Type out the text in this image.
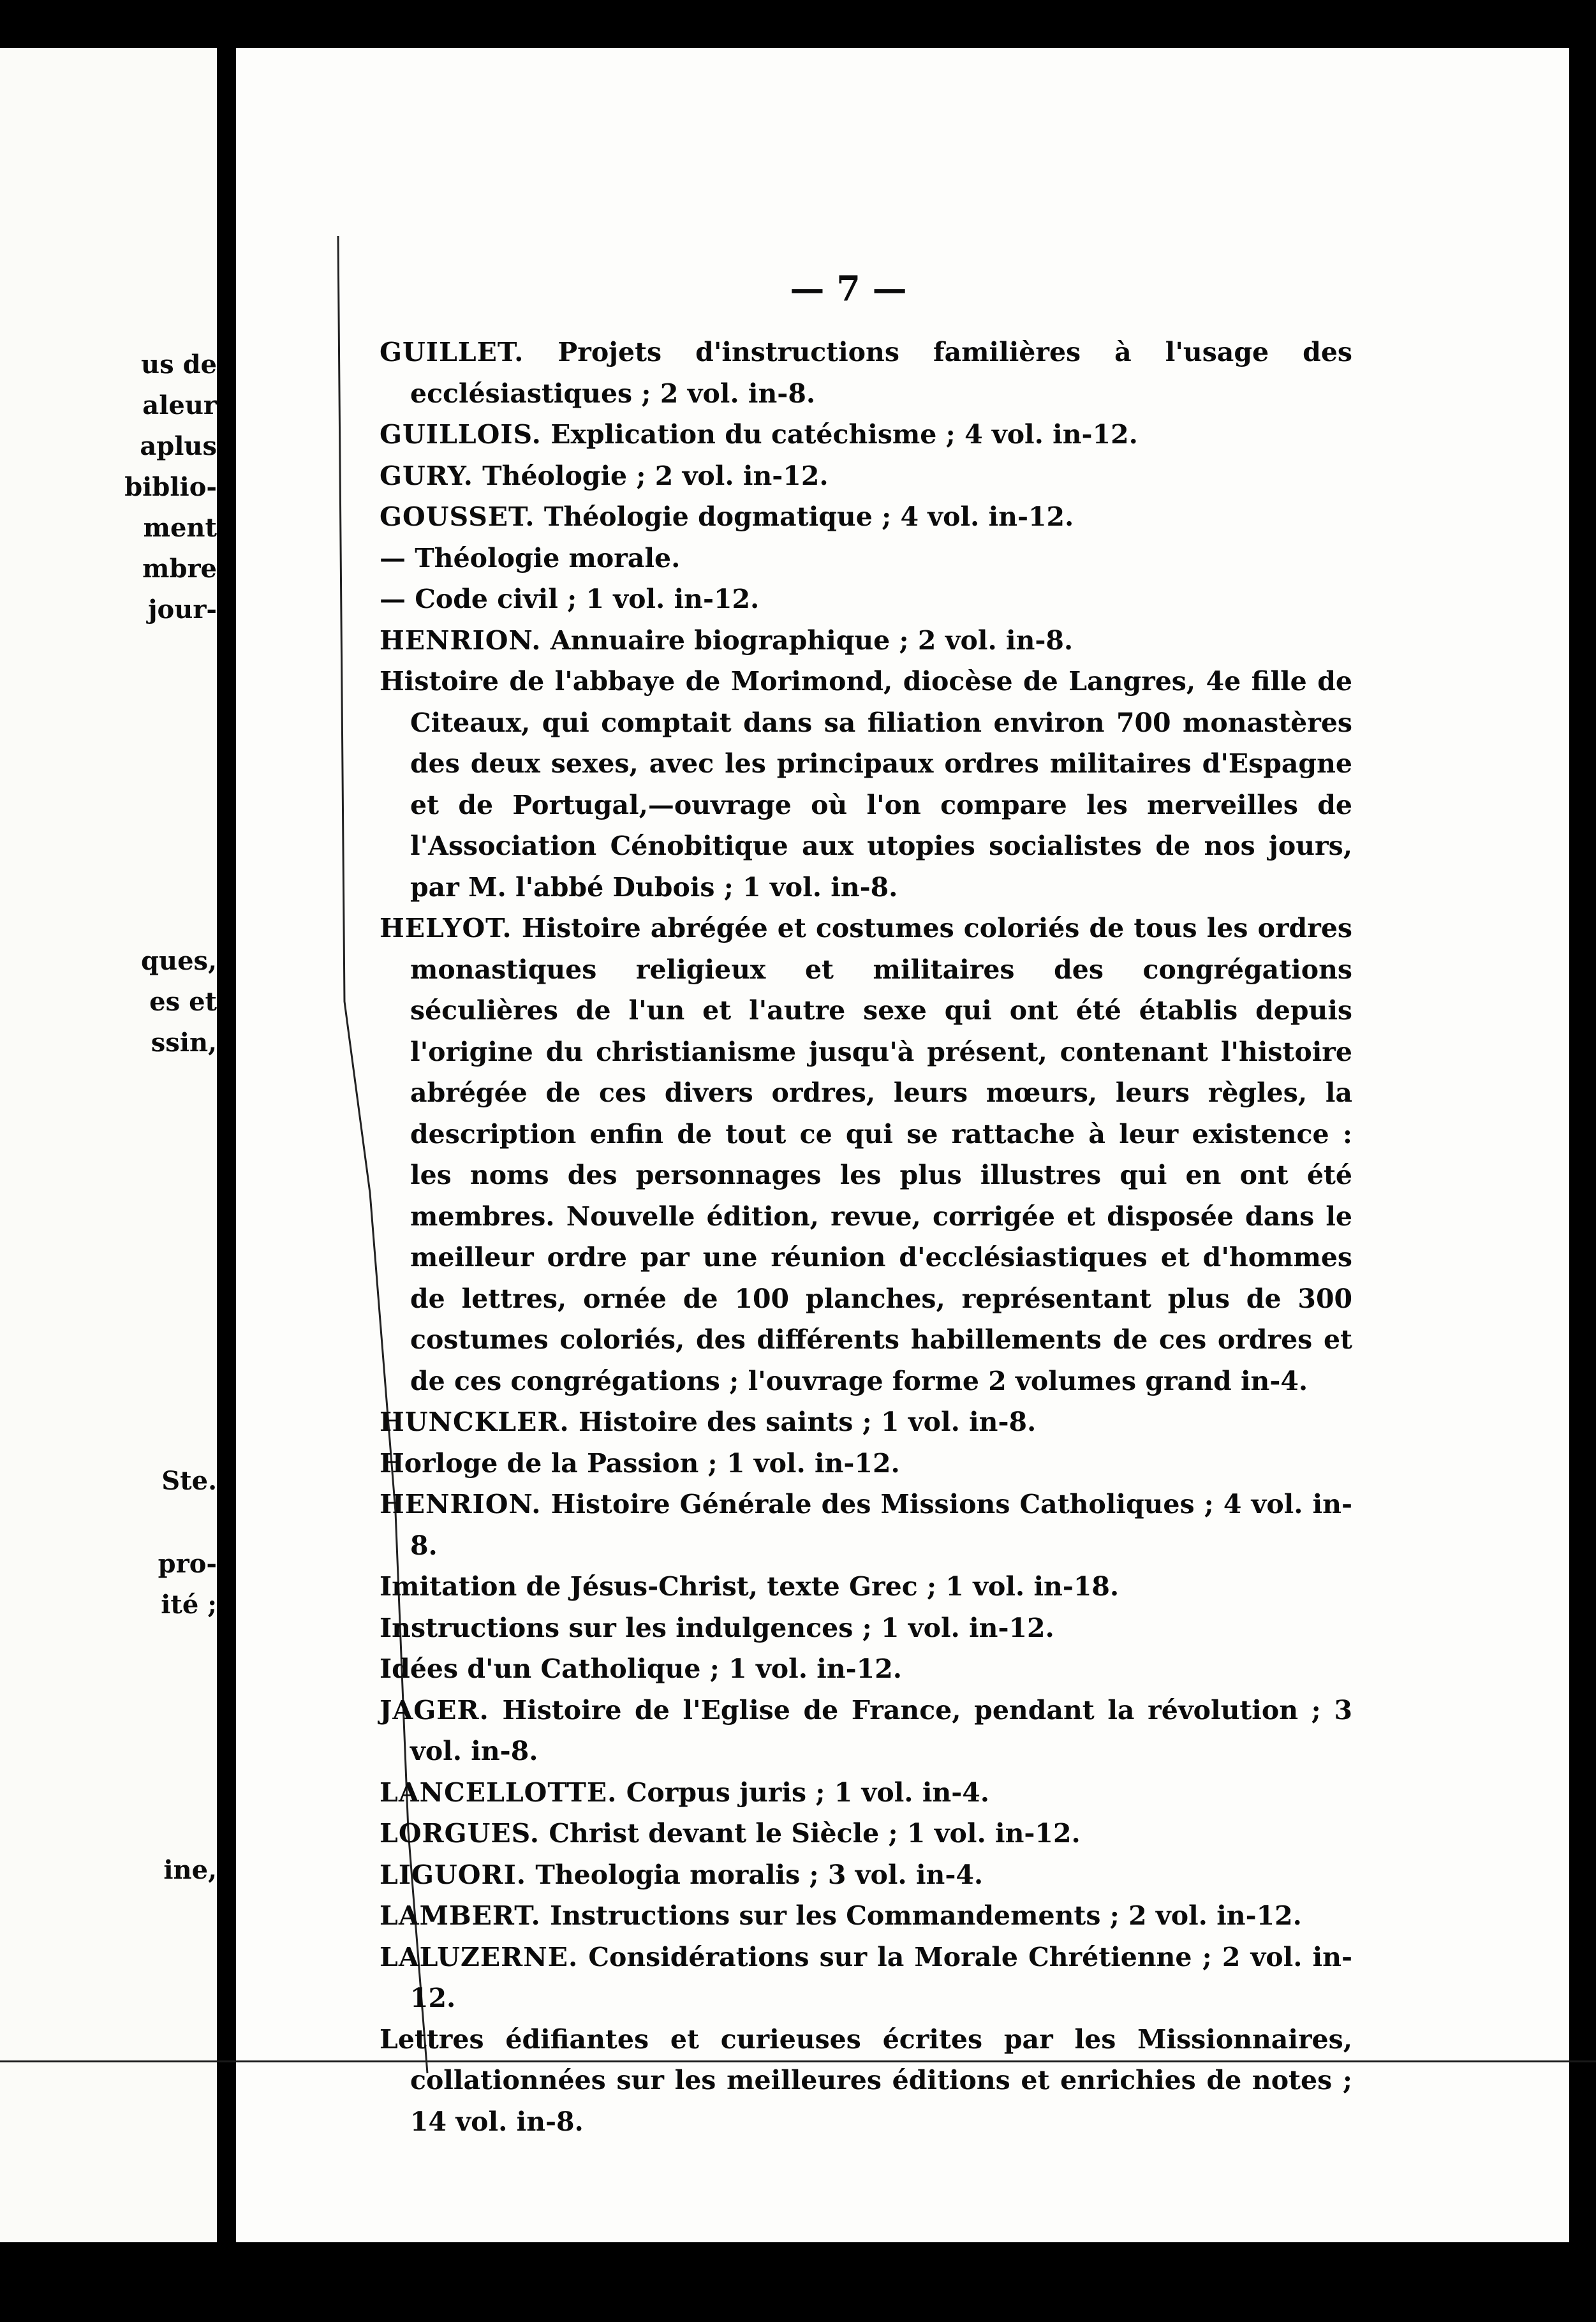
us de
aleur
aplus
biblio-
ment
mbre
jour-
ques,
es et
ssin,
Ste.
pro-
ité ;
ine,
— 7 —
GUILLET. Projets d'instructions familières à l'usage des ecclésiastiques ; 2 vol. in-8.
GUILLOIS. Explication du catéchisme ; 4 vol. in-12.
GURY. Théologie ; 2 vol. in-12.
GOUSSET. Théologie dogmatique ; 4 vol. in-12.
— Théologie morale.
— Code civil ; 1 vol. in-12.
HENRION. Annuaire biographique ; 2 vol. in-8.
Histoire de l'abbaye de Morimond, diocèse de Langres, 4e fille de Citeaux, qui comptait dans sa filiation environ 700 monastères des deux sexes, avec les principaux ordres militaires d'Espagne et de Portugal,—ouvrage où l'on compare les merveilles de l'Association Cénobitique aux utopies socialistes de nos jours, par M. l'abbé Dubois ; 1 vol. in-8.
HELYOT. Histoire abrégée et costumes coloriés de tous les ordres monastiques religieux et militaires des congrégations séculières de l'un et l'autre sexe qui ont été établis depuis l'origine du christianisme jusqu'à présent, contenant l'histoire abrégée de ces divers ordres, leurs mœurs, leurs règles, la description enfin de tout ce qui se rattache à leur existence : les noms des personnages les plus illustres qui en ont été membres. Nouvelle édition, revue, corrigée et disposée dans le meilleur ordre par une réunion d'ecclésiastiques et d'hommes de lettres, ornée de 100 planches, représentant plus de 300 costumes coloriés, des différents habillements de ces ordres et de ces congrégations ; l'ouvrage forme 2 volumes grand in-4.
HUNCKLER. Histoire des saints ; 1 vol. in-8.
Horloge de la Passion ; 1 vol. in-12.
HENRION. Histoire Générale des Missions Catholiques ; 4 vol. in-8.
Imitation de Jésus-Christ, texte Grec ; 1 vol. in-18.
Instructions sur les indulgences ; 1 vol. in-12.
Idées d'un Catholique ; 1 vol. in-12.
JAGER. Histoire de l'Eglise de France, pendant la révolution ; 3 vol. in-8.
LANCELLOTTE. Corpus juris ; 1 vol. in-4.
LORGUES. Christ devant le Siècle ; 1 vol. in-12.
LIGUORI. Theologia moralis ; 3 vol. in-4.
LAMBERT. Instructions sur les Commandements ; 2 vol. in-12.
LALUZERNE. Considérations sur la Morale Chrétienne ; 2 vol. in-12.
Lettres édifiantes et curieuses écrites par les Missionnaires, collationnées sur les meilleures éditions et enrichies de notes ; 14 vol. in-8.
